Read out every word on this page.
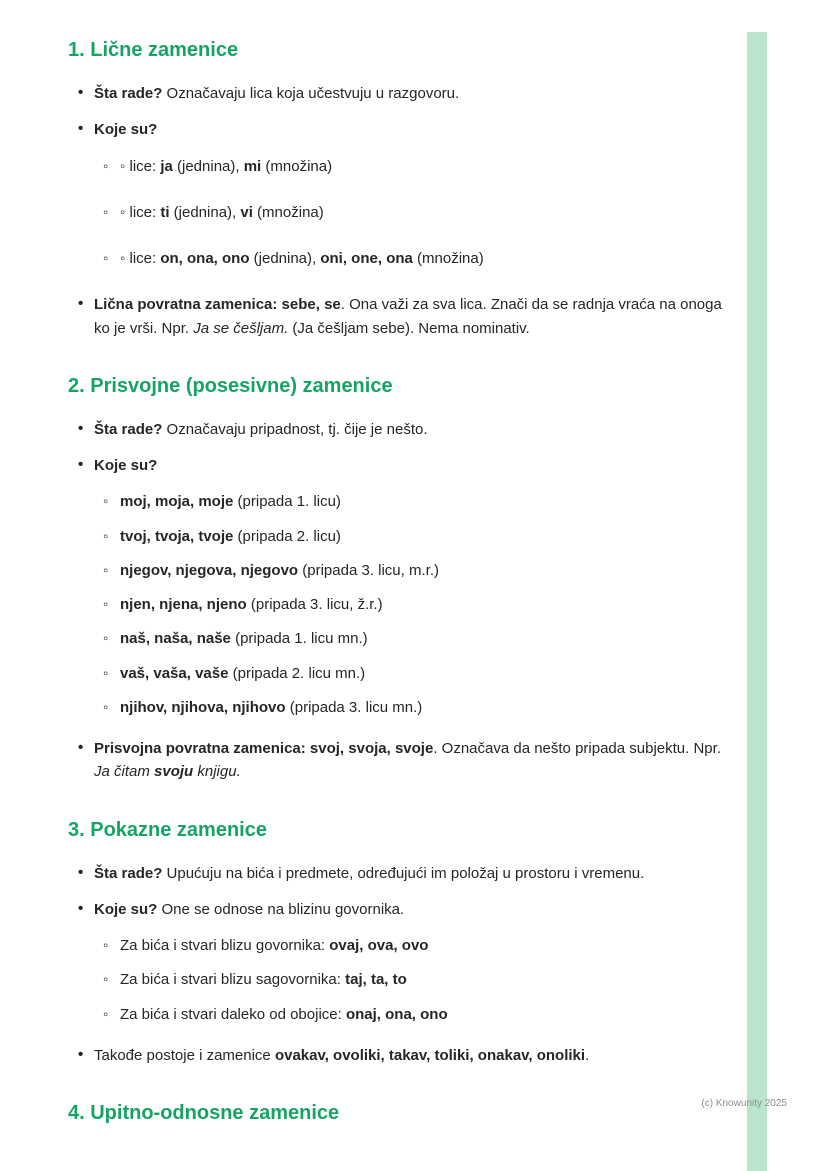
1. Lične zamenice
•
Šta rade? Označavaju lica koja učestvuju u razgovoru.
•
Koje su?
◦
◦ lice: ja (jednina), mi (množina)
◦
◦ lice: ti (jednina), vi (množina)
◦
◦ lice: on, ona, ono (jednina), oni, one, ona (množina)
•
Lična povratna zamenica: sebe, se. Ona važi za sva lica. Znači da se radnja vraća na onoga ko je vrši. Npr. Ja se češljam. (Ja češljam sebe). Nema nominativ.
2. Prisvojne (posesivne) zamenice
•
Šta rade? Označavaju pripadnost, tj. čije je nešto.
•
Koje su?
◦
moj, moja, moje (pripada 1. licu)
◦
tvoj, tvoja, tvoje (pripada 2. licu)
◦
njegov, njegova, njegovo (pripada 3. licu, m.r.)
◦
njen, njena, njeno (pripada 3. licu, ž.r.)
◦
naš, naša, naše (pripada 1. licu mn.)
◦
vaš, vaša, vaše (pripada 2. licu mn.)
◦
njihov, njihova, njihovo (pripada 3. licu mn.)
•
Prisvojna povratna zamenica: svoj, svoja, svoje. Označava da nešto pripada subjektu. Npr. Ja čitam svoju knjigu.
3. Pokazne zamenice
•
Šta rade? Upućuju na bića i predmete, određujući im položaj u prostoru i vremenu.
•
Koje su? One se odnose na blizinu govornika.
◦
Za bića i stvari blizu govornika: ovaj, ova, ovo
◦
Za bića i stvari blizu sagovornika: taj, ta, to
◦
Za bića i stvari daleko od obojice: onaj, ona, ono
•
Takođe postoje i zamenice ovakav, ovoliki, takav, toliki, onakav, onoliki.
4. Upitno-odnosne zamenice	(c) Knowunity 2025
